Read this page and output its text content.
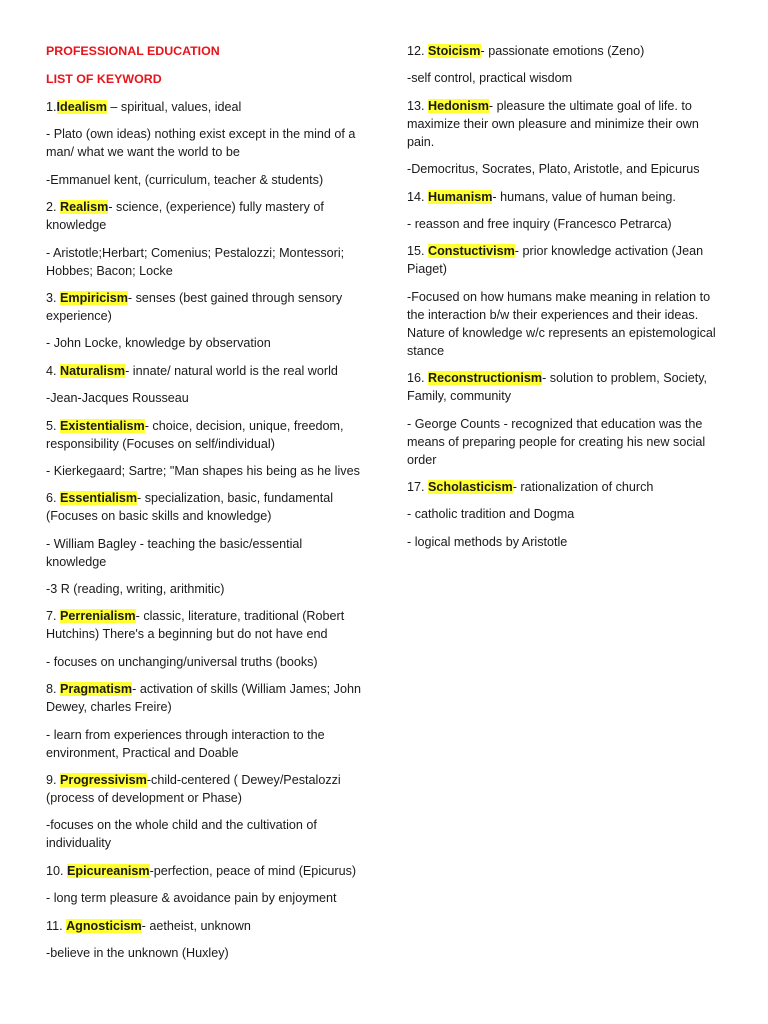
PROFESSIONAL EDUCATION

LIST OF KEYWORD

1.Idealism – spiritual, values, ideal

- Plato (own ideas) nothing exist except in the mind of a man/ what we want the world to be

-Emmanuel kent, (curriculum, teacher & students)

2. Realism- science, (experience) fully mastery of knowledge

- Aristotle;Herbart; Comenius; Pestalozzi; Montessori; Hobbes; Bacon; Locke

3. Empiricism- senses (best gained through sensory experience)

- John Locke, knowledge by observation

4. Naturalism- innate/ natural world is the real world

-Jean-Jacques Rousseau

5. Existentialism- choice, decision, unique, freedom, responsibility (Focuses on self/individual)

- Kierkegaard; Sartre; "Man shapes his being as he lives

6. Essentialism- specialization, basic, fundamental (Focuses on basic skills and knowledge)

- William Bagley - teaching the basic/essential knowledge

-3 R (reading, writing, arithmitic)

7. Perrenialism- classic, literature, traditional (Robert Hutchins) There's a beginning but do not have end

- focuses on unchanging/universal truths (books)

8. Pragmatism- activation of skills (William James; John Dewey, charles Freire)

- learn from experiences through interaction to the environment, Practical and Doable

9. Progressivism-child-centered ( Dewey/Pestalozzi (process of development or Phase)

-focuses on the whole child and the cultivation of individuality

10. Epicureanism-perfection, peace of mind (Epicurus)

- long term pleasure & avoidance pain by enjoyment

11. Agnosticism- aetheist, unknown

-believe in the unknown (Huxley)

12. Stoicism- passionate emotions (Zeno)

-self control, practical wisdom

13. Hedonism- pleasure the ultimate goal of life. to maximize their own pleasure and minimize their own pain.

-Democritus, Socrates, Plato, Aristotle, and Epicurus

14. Humanism- humans, value of human being.

- reasson and free inquiry (Francesco Petrarca)

15. Constuctivism- prior knowledge activation (Jean Piaget)

-Focused on how humans make meaning in relation to the interaction b/w their experiences and their ideas. Nature of knowledge w/c represents an epistemological stance

16. Reconstructionism- solution to problem, Society, Family, community

- George Counts - recognized that education was the means of preparing people for creating his new social order

17. Scholasticism- rationalization of church

- catholic tradition and Dogma

- logical methods by Aristotle
